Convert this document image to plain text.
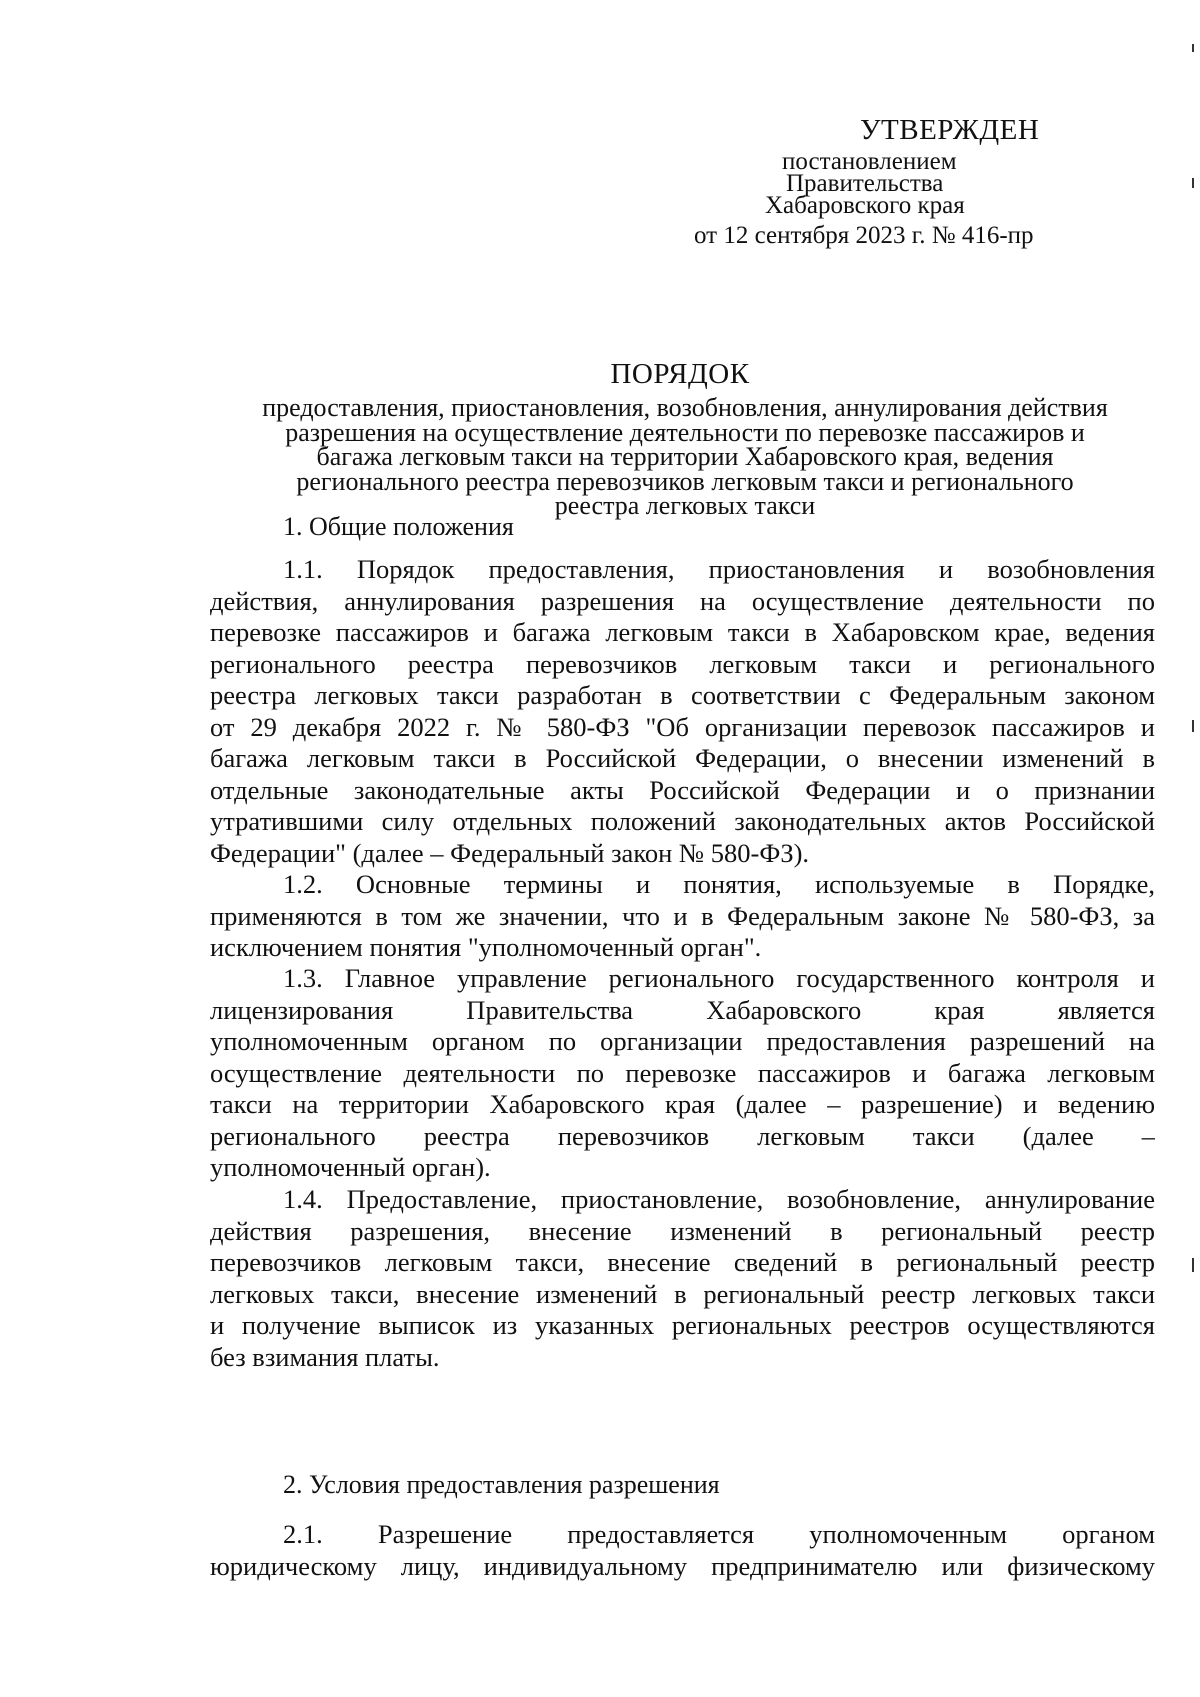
УТВЕРЖДЕН
постановлением
Правительства
Хабаровского края
от 12 сентября 2023 г. № 416-пр
ПОРЯДОК
предоставления, приостановления, возобновления, аннулирования действия
разрешения на осуществление деятельности по перевозке пассажиров и
багажа легковым такси на территории Хабаровского края, ведения
регионального реестра перевозчиков легковым такси и регионального
реестра легковых такси
1. Общие положения
1.1. Порядок предоставления, приостановления и возобновления
действия, аннулирования разрешения на осуществление деятельности по
перевозке пассажиров и багажа легковым такси в Хабаровском крае, ведения
регионального реестра перевозчиков легковым такси и регионального
реестра легковых такси разработан в соответствии с Федеральным законом
от 29 декабря 2022 г. № 580-ФЗ "Об организации перевозок пассажиров и
багажа легковым такси в Российской Федерации, о внесении изменений в
отдельные законодательные акты Российской Федерации и о признании
утратившими силу отдельных положений законодательных актов Российской
Федерации" (далее – Федеральный закон № 580-ФЗ).
1.2. Основные термины и понятия, используемые в Порядке,
применяются в том же значении, что и в Федеральным законе № 580-ФЗ, за
исключением понятия "уполномоченный орган".
1.3. Главное управление регионального государственного контроля и
лицензирования Правительства Хабаровского края является
уполномоченным органом по организации предоставления разрешений на
осуществление деятельности по перевозке пассажиров и багажа легковым
такси на территории Хабаровского края (далее – разрешение) и ведению
регионального реестра перевозчиков легковым такси (далее –
уполномоченный орган).
1.4. Предоставление, приостановление, возобновление, аннулирование
действия разрешения, внесение изменений в региональный реестр
перевозчиков легковым такси, внесение сведений в региональный реестр
легковых такси, внесение изменений в региональный реестр легковых такси
и получение выписок из указанных региональных реестров осуществляются
без взимания платы.
2. Условия предоставления разрешения
2.1. Разрешение предоставляется уполномоченным органом
юридическому лицу, индивидуальному предпринимателю или физическому
